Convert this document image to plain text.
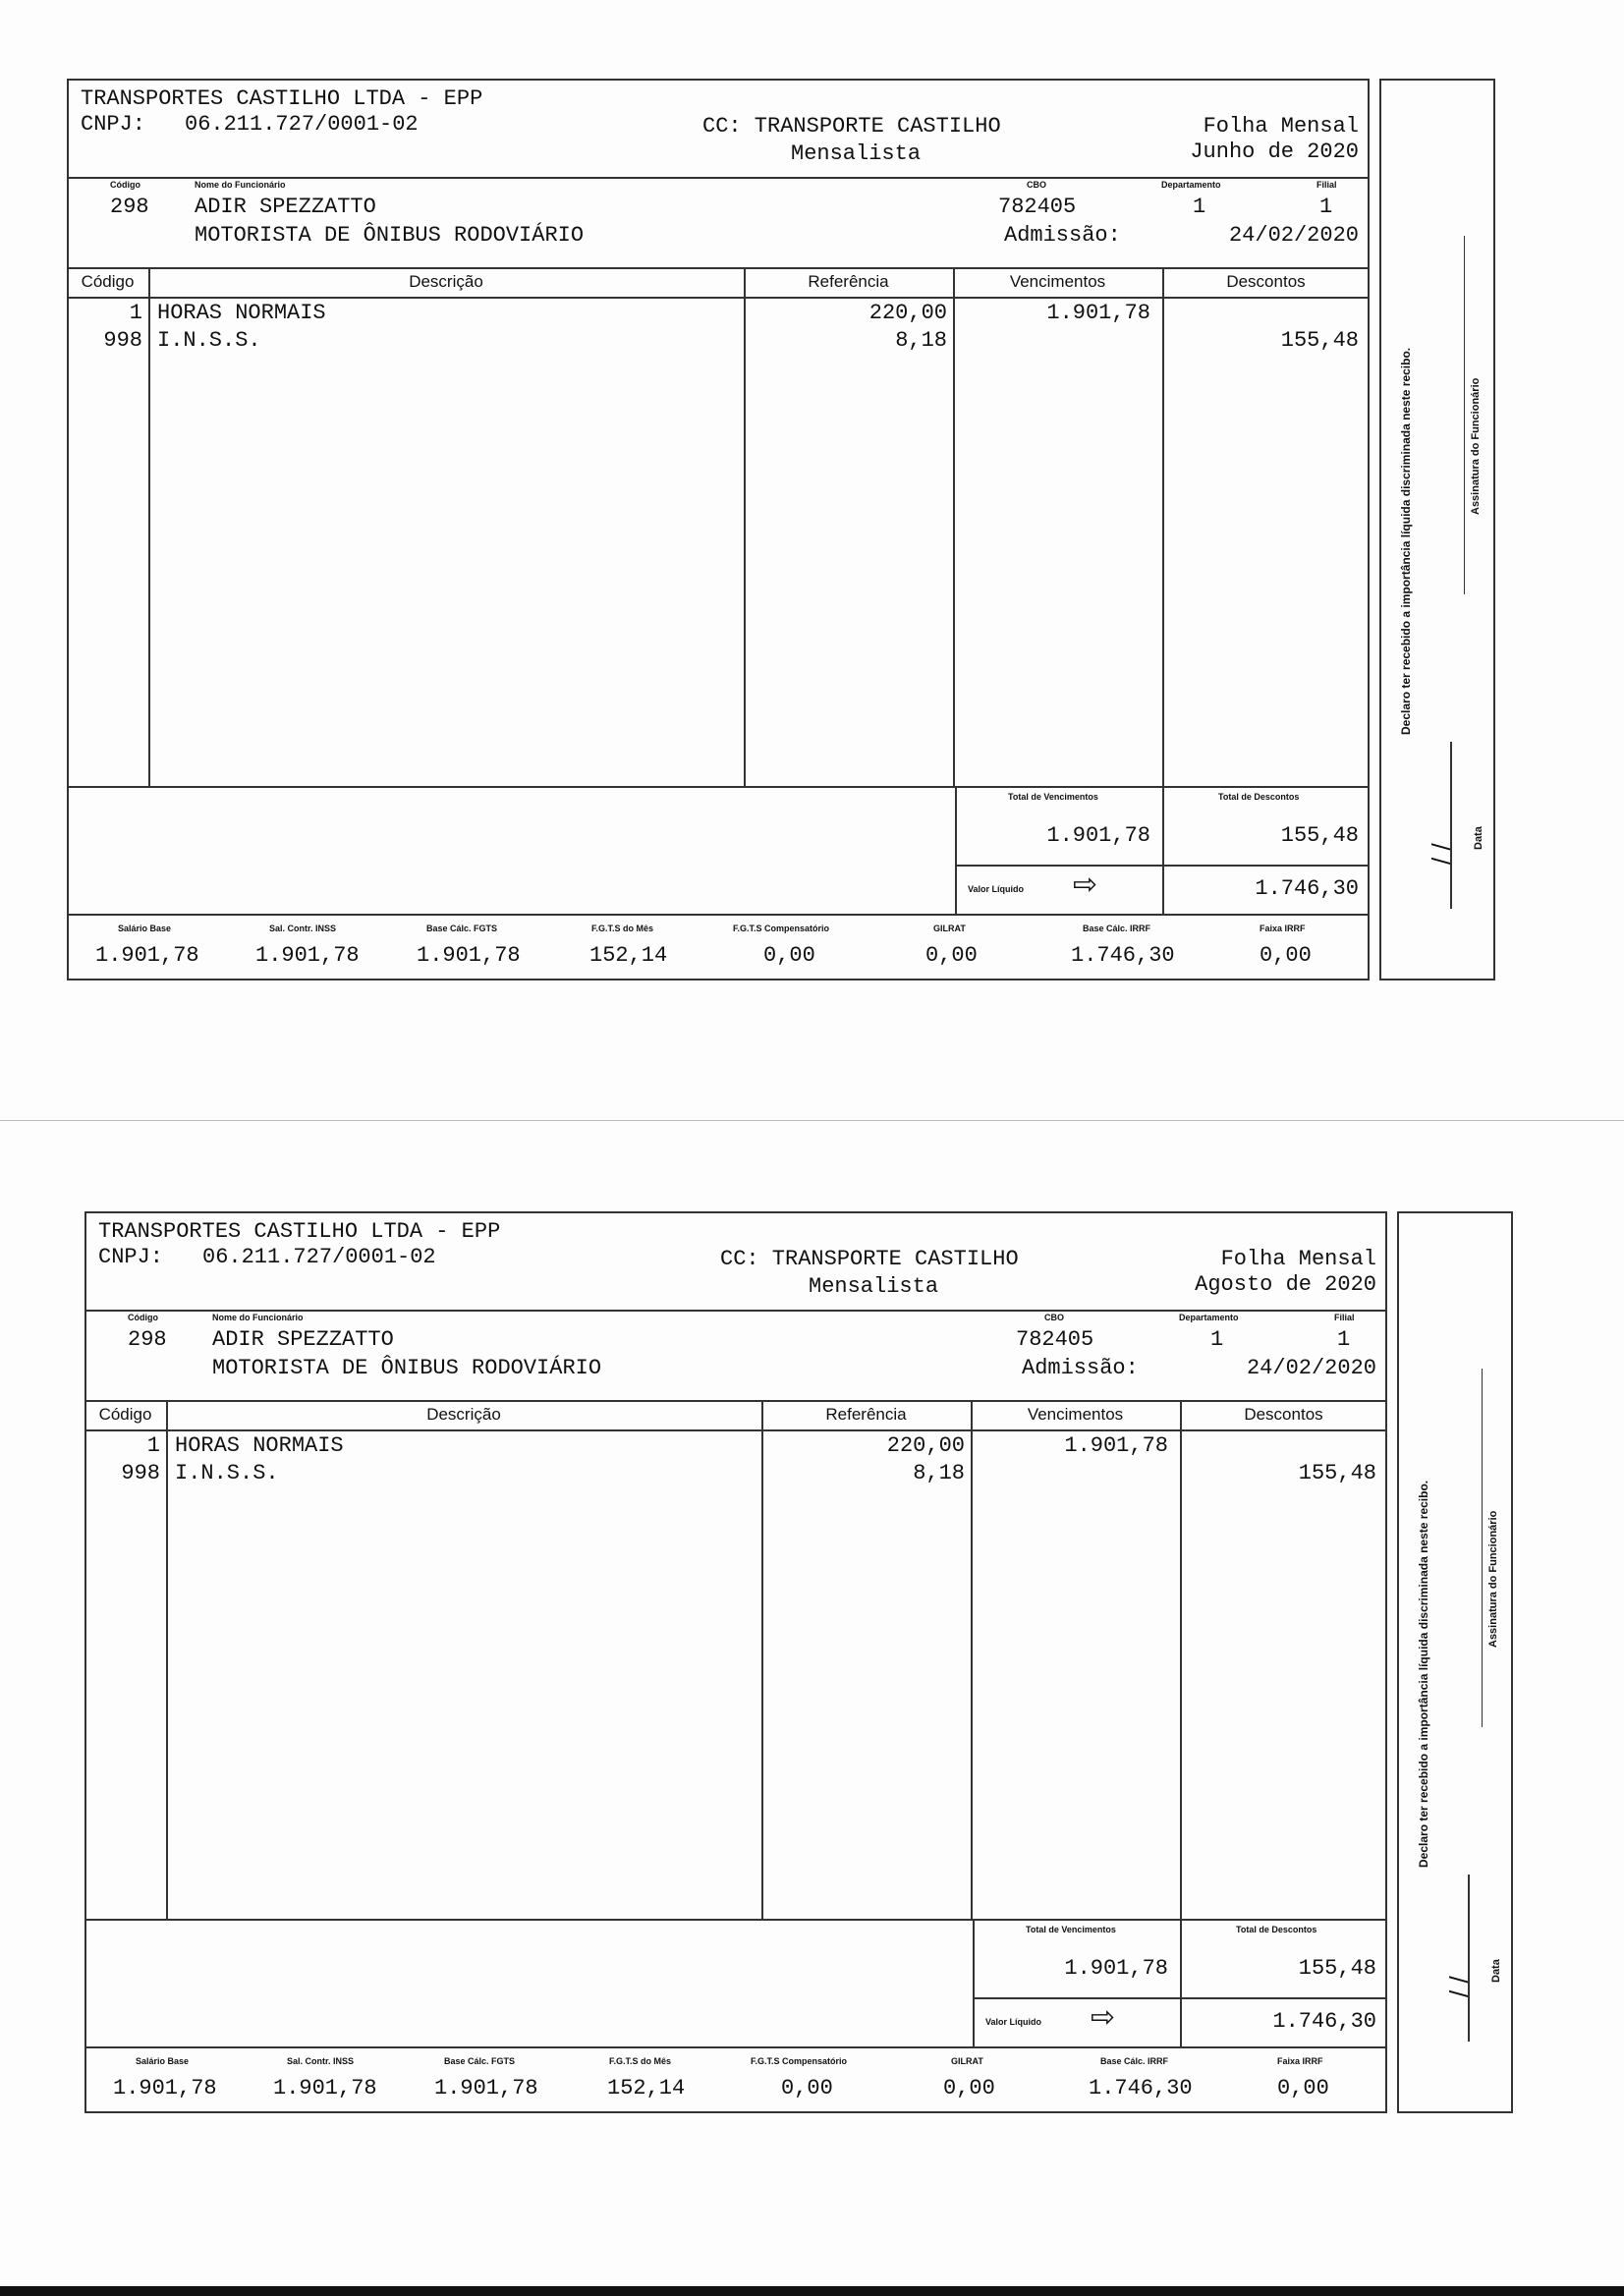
TRANSPORTES CASTILHO LTDA - EPP
CNPJ: 06.211.727/0001-02	CC: TRANSPORTE CASTILHO
Mensalista
Folha Mensal
Junho de 2020
Código	Nome do Funcionário	CBO	Departamento	Filial
298 ADIR SPEZZATTO
MOTORISTA DE ÔNIBUS RODOVIÁRIO
782405	1	1
Admissão:	24/02/2020
Código	Descrição	Referência	Vencimentos	Descontos
1 HORAS NORMAIS	220,00	1.901,78
998 I.N.S.S.	8,18	155,48
Total de Vencimentos	Total de Descontos
1.901,78	155,48
Valor Líquido ⇨	1.746,30
Salário Base
1.901,78
Sal. Contr. INSS
1.901,78
Base Cálc. FGTS
1.901,78
F.G.T.S do Mês
152,14
F.G.T.S Compensatório
0,00
GILRAT
0,00
Base Cálc. IRRF
1.746,30
Faixa IRRF
0,00
Declaro ter recebido a importância líquida discriminada neste recibo.	Assinatura do Funcionário
/ /
Data
TRANSPORTES CASTILHO LTDA - EPP
CNPJ: 06.211.727/0001-02	CC: TRANSPORTE CASTILHO
Mensalista
Folha Mensal
Agosto de 2020
Código	Nome do Funcionário	CBO	Departamento	Filial
298 ADIR SPEZZATTO
MOTORISTA DE ÔNIBUS RODOVIÁRIO
782405	1	1
Admissão:	24/02/2020
Código	Descrição	Referência	Vencimentos	Descontos
1 HORAS NORMAIS	220,00	1.901,78
998 I.N.S.S.	8,18	155,48
Total de Vencimentos	Total de Descontos
1.901,78	155,48
Valor Líquido ⇨	1.746,30
Salário Base
1.901,78
Sal. Contr. INSS
1.901,78
Base Cálc. FGTS
1.901,78
F.G.T.S do Mês
152,14
F.G.T.S Compensatório
0,00
GILRAT
0,00
Base Cálc. IRRF
1.746,30
Faixa IRRF
0,00
Declaro ter recebido a importância líquida discriminada neste recibo.	Assinatura do Funcionário
/ /
Data
